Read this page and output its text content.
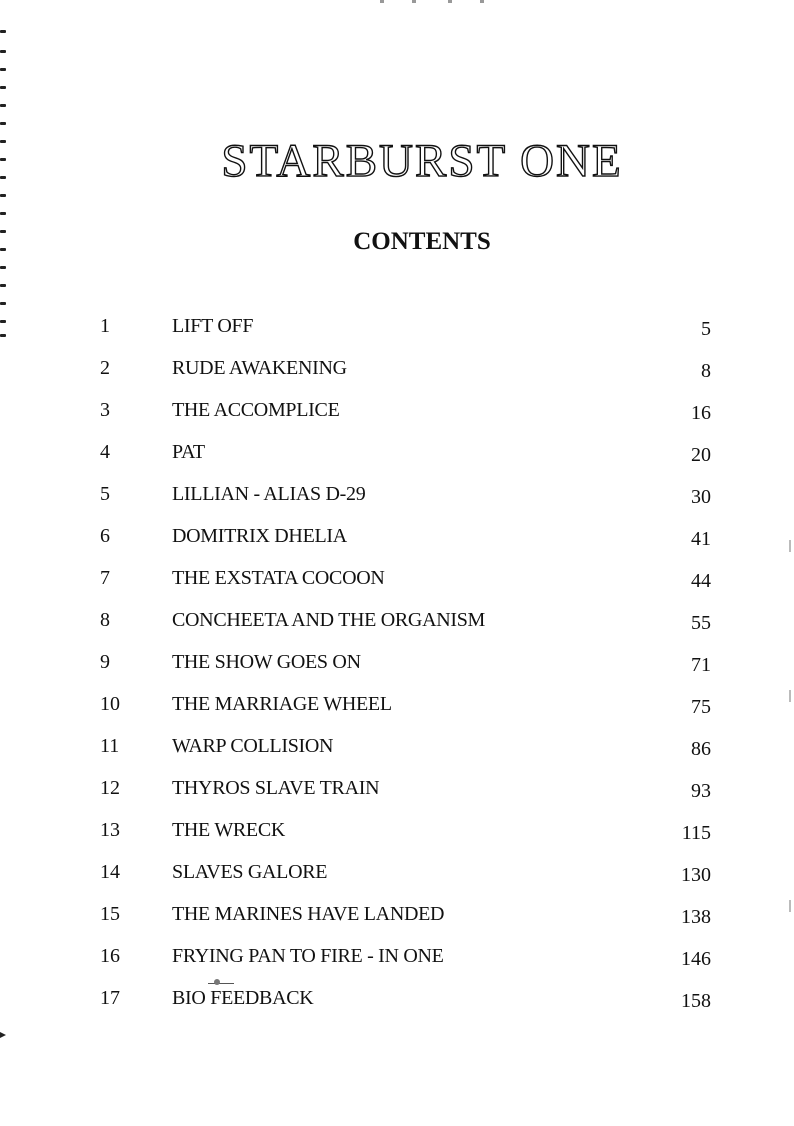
STARBURST ONE
CONTENTS
1	LIFT OFF	5
2	RUDE AWAKENING	8
3	THE ACCOMPLICE	16
4	PAT	20
5	LILLIAN - ALIAS D-29	30
6	DOMITRIX DHELIA	41
7	THE EXSTATA COCOON	44
8	CONCHEETA AND THE ORGANISM	55
9	THE SHOW GOES ON	71
10	THE MARRIAGE WHEEL	75
11	WARP COLLISION	86
12	THYROS SLAVE TRAIN	93
13	THE WRECK	115
14	SLAVES GALORE	130
15	THE MARINES HAVE LANDED	138
16	FRYING PAN TO FIRE - IN ONE	146
17	BIO FEEDBACK	158
